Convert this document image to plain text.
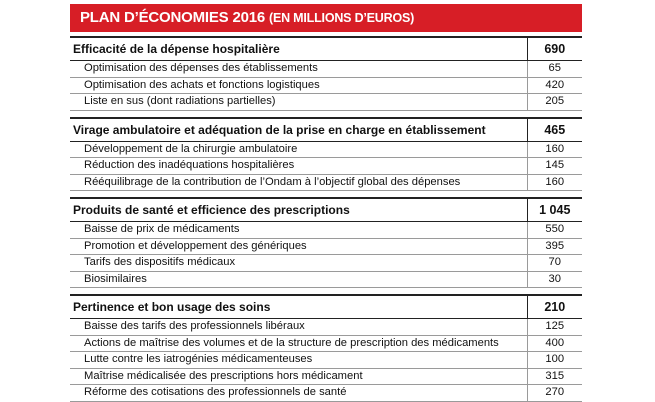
PLAN D’ÉCONOMIES 2016 (EN MILLIONS D’EUROS)
Efficacité de la dépense hospitalière	690
Optimisation des dépenses des établissements	65
Optimisation des achats et fonctions logistiques	420
Liste en sus (dont radiations partielles)	205

Virage ambulatoire et adéquation de la prise en charge en établissement	465
Développement de la chirurgie ambulatoire	160
Réduction des inadéquations hospitalières	145
Rééquilibrage de la contribution de l’Ondam à l’objectif global des dépenses	160

Produits de santé et efficience des prescriptions	1 045
Baisse de prix de médicaments	550
Promotion et développement des génériques	395
Tarifs des dispositifs médicaux	70
Biosimilaires	30

Pertinence et bon usage des soins	210
Baisse des tarifs des professionnels libéraux	125
Actions de maîtrise des volumes et de la structure de prescription des médicaments	400
Lutte contre les iatrogénies médicamenteuses	100
Maîtrise médicalisée des prescriptions hors médicament	315
Réforme des cotisations des professionnels de santé	270
